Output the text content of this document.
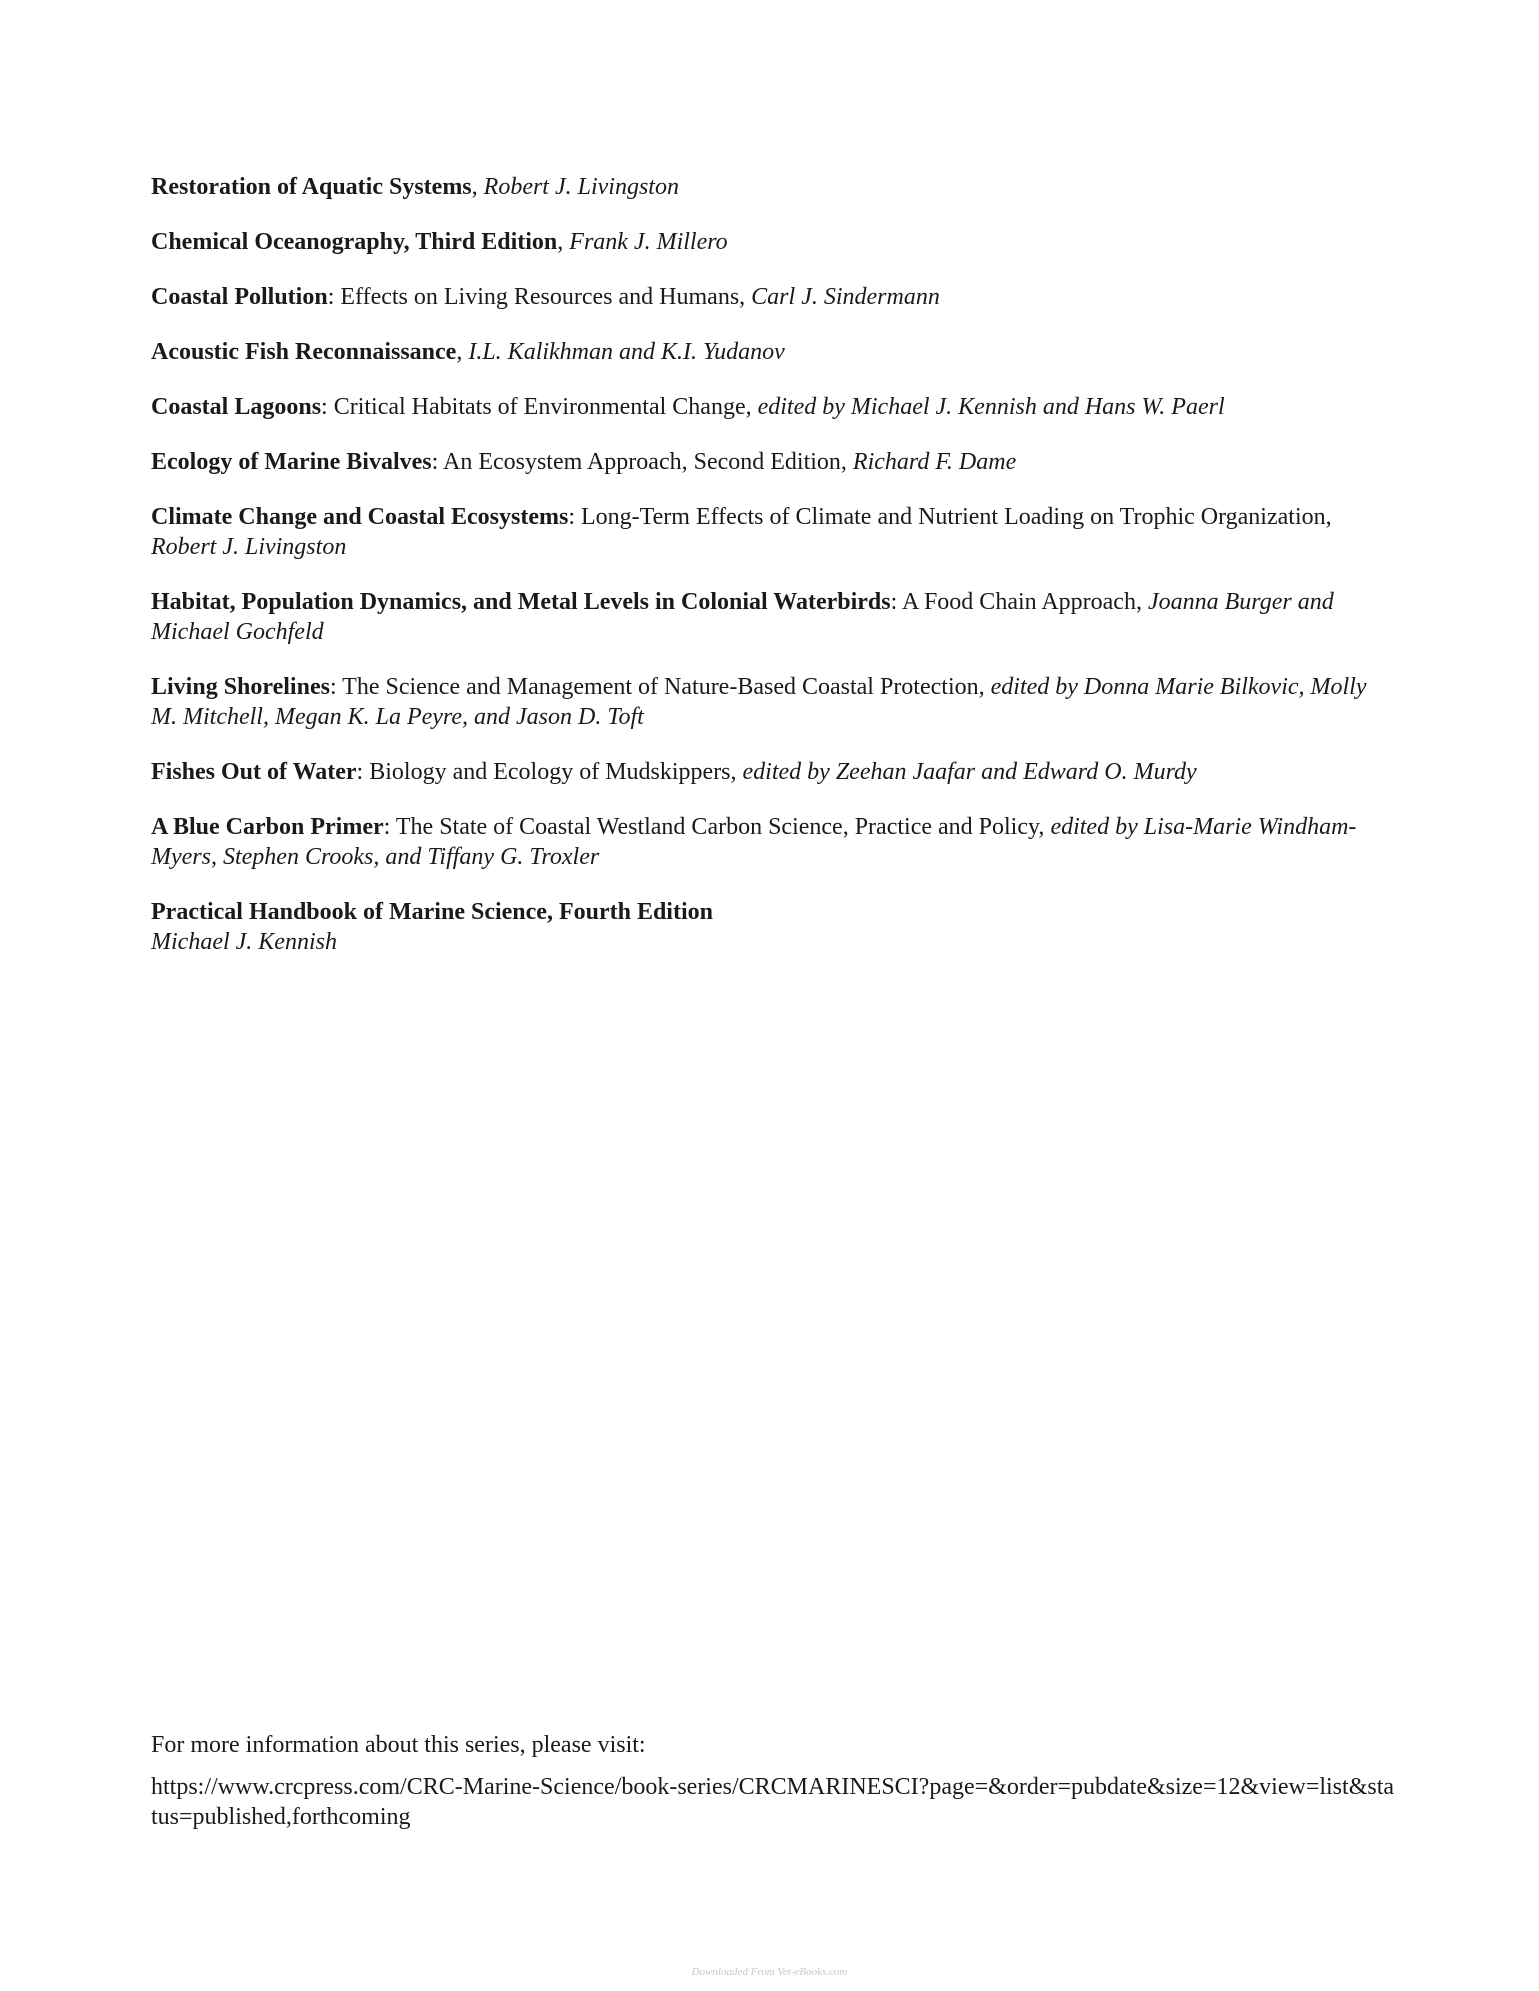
Restoration of Aquatic Systems, Robert J. Livingston
Chemical Oceanography, Third Edition, Frank J. Millero
Coastal Pollution: Effects on Living Resources and Humans, Carl J. Sindermann
Acoustic Fish Reconnaissance, I.L. Kalikhman and K.I. Yudanov
Coastal Lagoons: Critical Habitats of Environmental Change, edited by Michael J. Kennish and Hans W. Paerl
Ecology of Marine Bivalves: An Ecosystem Approach, Second Edition, Richard F. Dame
Climate Change and Coastal Ecosystems: Long-Term Effects of Climate and Nutrient Loading on Trophic Organization, Robert J. Livingston
Habitat, Population Dynamics, and Metal Levels in Colonial Waterbirds: A Food Chain Approach, Joanna Burger and Michael Gochfeld
Living Shorelines: The Science and Management of Nature-Based Coastal Protection, edited by Donna Marie Bilkovic, Molly M. Mitchell, Megan K. La Peyre, and Jason D. Toft
Fishes Out of Water: Biology and Ecology of Mudskippers, edited by Zeehan Jaafar and Edward O. Murdy
A Blue Carbon Primer: The State of Coastal Westland Carbon Science, Practice and Policy, edited by Lisa-Marie Windham-Myers, Stephen Crooks, and Tiffany G. Troxler
Practical Handbook of Marine Science, Fourth Edition
Michael J. Kennish
For more information about this series, please visit:
https://www.crcpress.com/CRC-Marine-Science/book-series/CRCMARINESCI?page=&order=pubdate&size=12&view=list&status=published,forthcoming
Downloaded From Vet-eBooks.com
